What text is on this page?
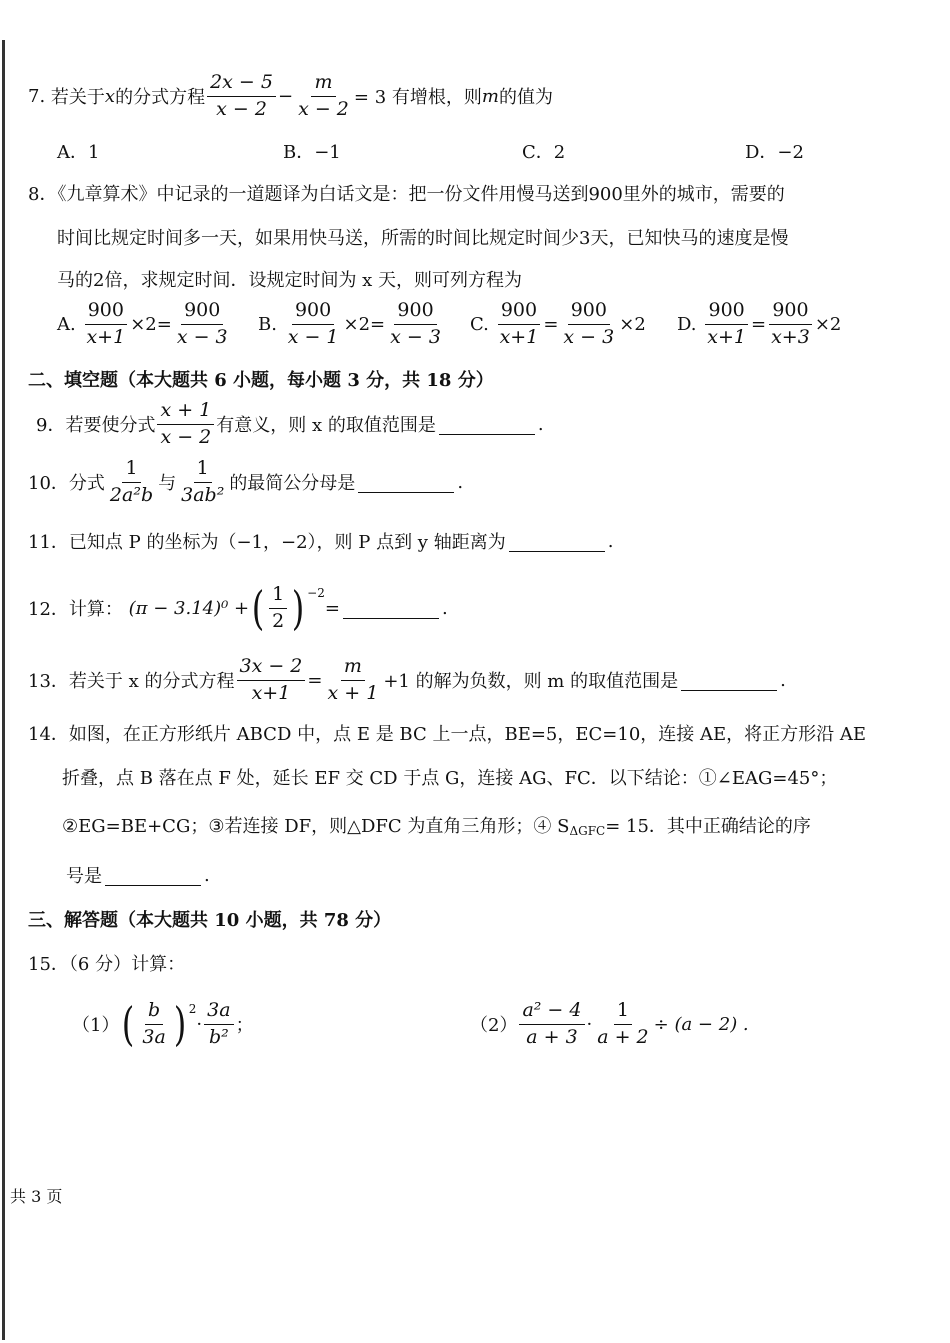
7.
若关于 x 的分式方程 $\frac{2x - 5}{x - 2} - \frac{m}{x - 2} = 3$ 有增根，则 m 的值为
A．1	B．−1	C．2	D．−2
8．《九章算术》中记录的一道题译为白话文是：把一份文件用慢马送到900里外的城市，需要的
时间比规定时间多一天，如果用快马送，所需的时间比规定时间少3天，已知快马的速度是慢
马的2倍，求规定时间．设规定时间为 x 天，则可列方程为
A.
$\frac{900}{x+1} \times 2= \frac{900}{x - 3} B$.
$\frac{900}{x - 1} \times 2= \frac{900}{x - 3} C$.
$\frac{900}{x+1} = \frac{900}{x - 3} \times 2$ D.
$\frac{900}{x+1} = \frac{900}{x+3} \times 2$
二、填空题（本大题共 6 小题，每小题 3 分，共 18 分）
9．若要使分式 $\frac{x + 1}{x - 2}$ 有意义，则 x 的取值范围是	.
10．分式 $\frac{1}{\text{2a²b}}$ 与 $\frac{1}{\text{3ab²}}$ 的最简公分母是	.
11．已知点 P 的坐标为（−1，−2），则 P 点到 y 轴距离为	.
12．计算：
(π − 3.14)⁰ + ( $\frac{1}{2} )^{-2}$
=	.
13．若关于 x 的分式方程 $\frac{3x - 2}{x+1} = \frac{m}{x + 1} +1$ 的解为负数，则 m 的取值范围是	.
14．如图，在正方形纸片 ABCD 中，点 E 是 BC 上一点，BE=5，EC=10，连接 AE，将正方形沿 AE
折叠，点 B 落在点 F 处，延长 EF 交 CD 于点 G，连接 AG、FC．以下结论：①∠EAG=45°；
②EG=BE+CG；③若连接 DF，则△DFC 为直角三角形；④ $S_{\Delta GFC} = 15$．其中正确结论的序
号是	.
三、解答题（本大题共 10 小题，共 78 分）
15．（6 分）计算：
（1） ( $\frac{b}{3a} )^2$
· $\frac{3a}{\text{b²}}$ ；	$(2) \frac{\text{a² − 4}}{a + 3} \cdot \frac{1}{a + 2} \div (a - 2)$ .
共 3 页
